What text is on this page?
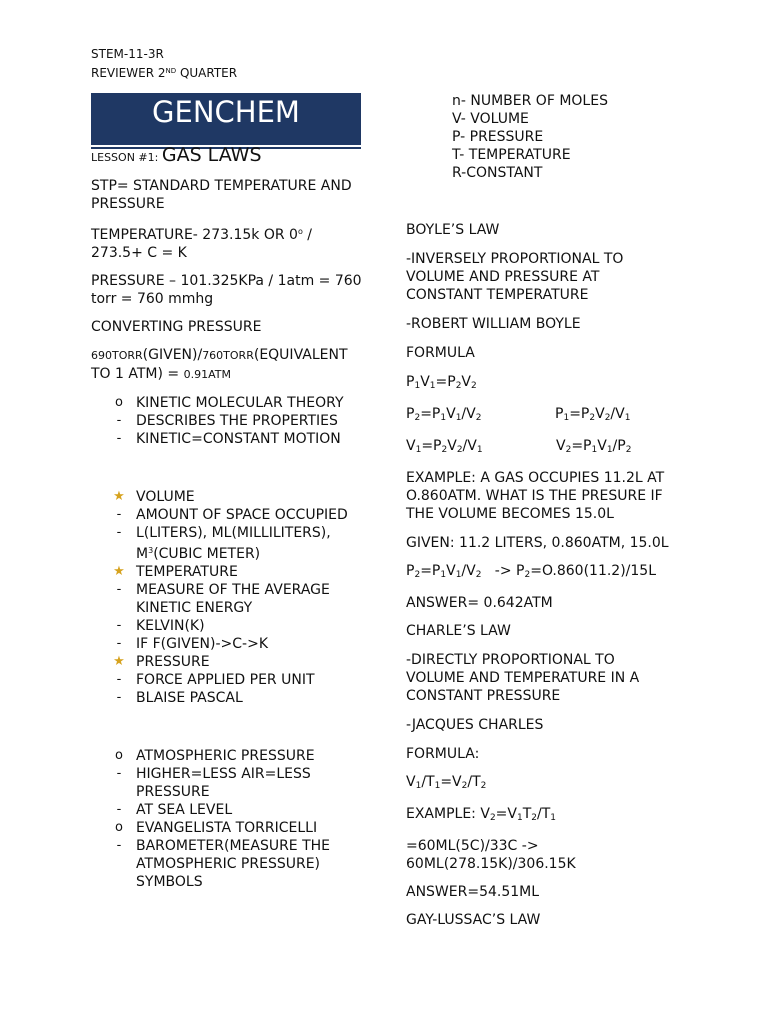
STEM-11-3R
REVIEWER 2ND QUARTER
GENCHEM

LESSON #1: GAS LAWS

STP= STANDARD TEMPERATURE AND PRESSURE

TEMPERATURE- 273.15k OR 0$^o$ / 273.5+ C = K

PRESSURE – 101.325KPa / 1atm = 760 torr = 760 mmhg

CONVERTING PRESSURE

690TORR(GIVEN)/760TORR(EQUIVALENT TO 1 ATM) = 0.91ATM

o KINETIC MOLECULAR THEORY
-	DESCRIBES THE PROPERTIES
-	KINETIC=CONSTANT MOTION
★ VOLUME
-	AMOUNT OF SPACE OCCUPIED
-	L(LITERS), ML(MILLILITERS), $M^3(CUBIC$ METER)
★ TEMPERATURE
-	MEASURE OF THE AVERAGE KINETIC ENERGY
-	KELVIN(K)
-	IF F(GIVEN)->C->K
★ PRESSURE
-	FORCE APPLIED PER UNIT
-	BLAISE PASCAL
o ATMOSPHERIC PRESSURE
-	HIGHER=LESS AIR=LESS PRESSURE
-	AT SEA LEVEL
o EVANGELISTA TORRICELLI
-	BAROMETER(MEASURE THE ATMOSPHERIC PRESSURE) SYMBOLS
n- NUMBER OF MOLES
V- VOLUME
P- PRESSURE
T- TEMPERATURE
R-CONSTANT

BOYLE’S LAW

-INVERSELY PROPORTIONAL TO VOLUME AND PRESSURE AT CONSTANT TEMPERATURE

-ROBERT WILLIAM BOYLE

FORMULA

$P_1V_1=P_2V_2$

$P_2=P_1V_1/V_2$	$P_1=P_2V_2/V_1$

$V_1=P_2V_2/V_1$	$V_2=P_1V_1/P_2$

EXAMPLE: A GAS OCCUPIES 11.2L AT O.860ATM. WHAT IS THE PRESURE IF THE VOLUME BECOMES 15.0L

GIVEN: 11.2 LITERS, 0.860ATM, 15.0L

$P_2=P_1V_1/V_2 -> P_2=O.860(11.2)/15L$

ANSWER= 0.642ATM

CHARLE’S LAW

-DIRECTLY PROPORTIONAL TO VOLUME AND TEMPERATURE IN A CONSTANT PRESSURE

-JACQUES CHARLES

FORMULA:

$V_1/T_1=V_2/T_2$

EXAMPLE: $V_2=V_1T_2/T_1$

=60ML(5C)/33C -> 60ML(278.15K)/306.15K

ANSWER=54.51ML

GAY-LUSSAC’S LAW
